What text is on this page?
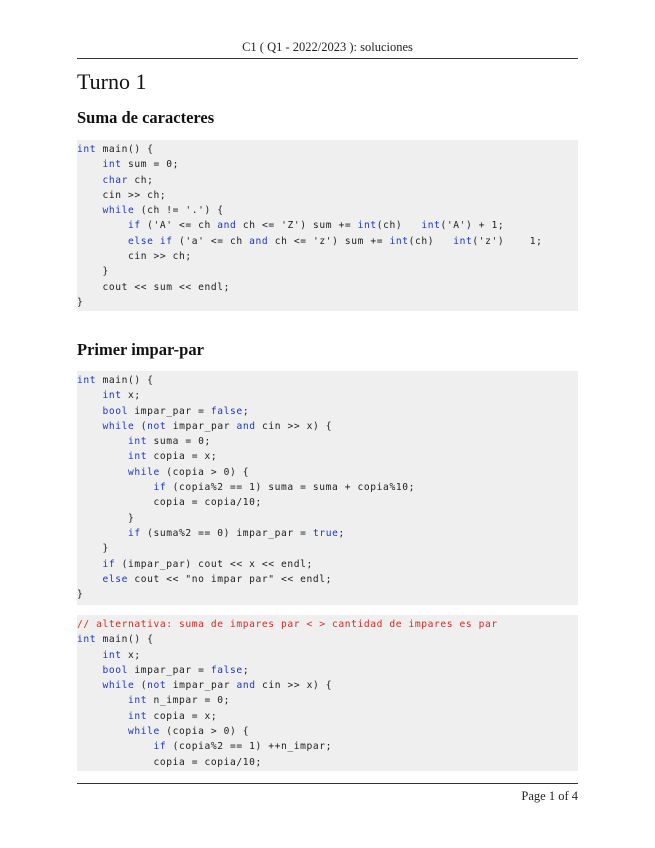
C1 ( Q1 - 2022/2023 ): soluciones
Turno 1
Suma de caracteres
int main() {
int sum = 0;
char ch;
cin >> ch;
while (ch != '.') {
if ('A' <= ch and ch <= 'Z') sum += int(ch)   int('A') + 1;
else if ('a' <= ch and ch <= 'z') sum += int(ch)   int('z')    1;
cin >> ch;
}
cout << sum << endl;
}
Primer impar-par
int main() {
int x;
bool impar_par = false;
while (not impar_par and cin >> x) {
int suma = 0;
int copia = x;
while (copia > 0) {
if (copia%2 == 1) suma = suma + copia%10;
copia = copia/10;
}
if (suma%2 == 0) impar_par = true;
}
if (impar_par) cout << x << endl;
else cout << "no impar par" << endl;
}
// alternativa: suma de impares par < > cantidad de impares es par
int main() {
int x;
bool impar_par = false;
while (not impar_par and cin >> x) {
int n_impar = 0;
int copia = x;
while (copia > 0) {
if (copia%2 == 1) ++n_impar;
copia = copia/10;
Page 1 of 4
